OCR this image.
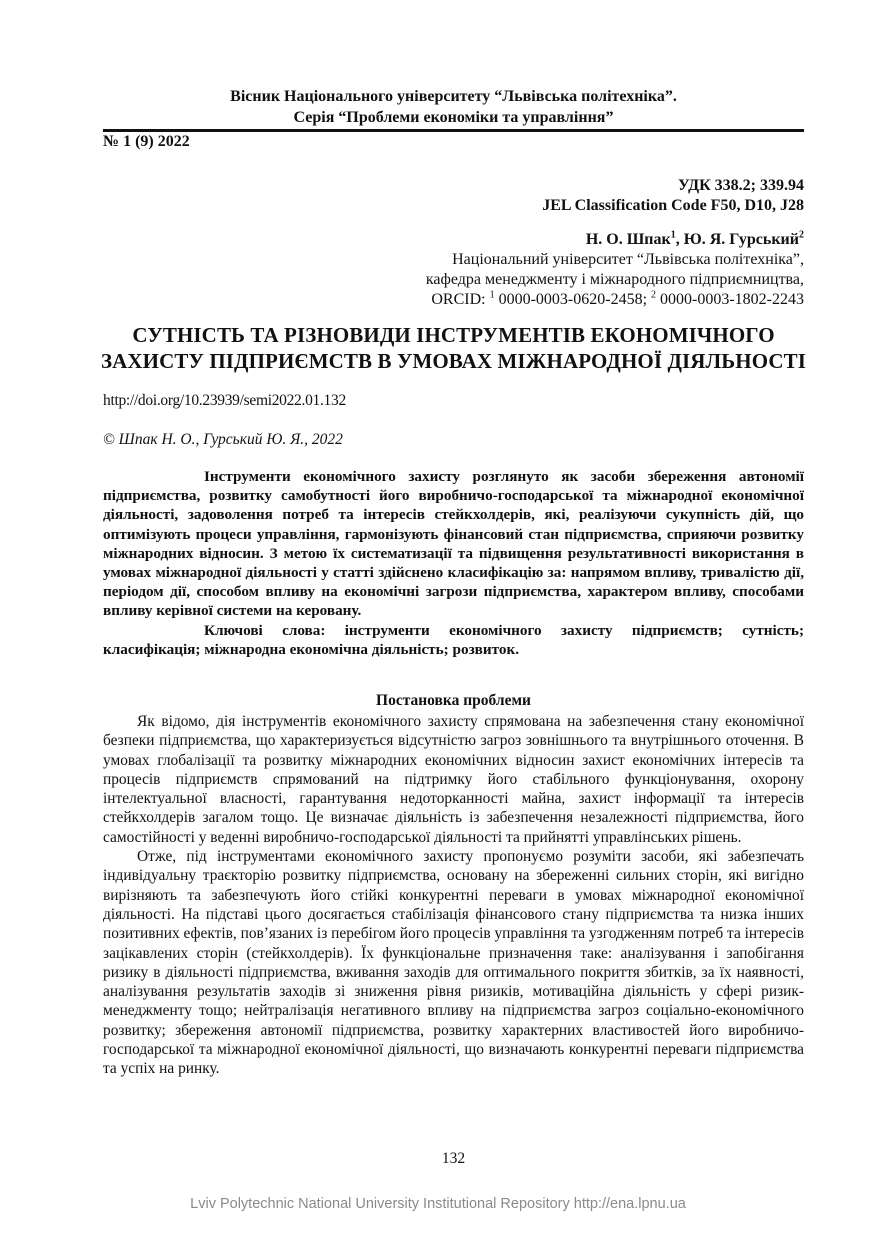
Вісник Національного університету “Львівська політехніка”.
Серія “Проблеми економіки та управління”
№ 1 (9) 2022
УДК 338.2; 339.94
JEL Classification Code F50, D10, J28
Н. О. Шпак$^1$, Ю. Я. Гурський$^2$
Національний університет “Львівська політехніка”,
кафедра менеджменту і міжнародного підприємництва,
ORCID: $^1$ 0000-0003-0620-2458; $^2$ 0000-0003-1802-2243
СУТНІСТЬ ТА РІЗНОВИДИ ІНСТРУМЕНТІВ ЕКОНОМІЧНОГО
ЗАХИСТУ ПІДПРИЄМСТВ В УМОВАХ МІЖНАРОДНОЇ ДІЯЛЬНОСТІ
http://doi.org/10.23939/semi2022.01.132
© Шпак Н. О., Гурський Ю. Я., 2022

Інструменти економічного захисту розглянуто як засоби збереження автономії підприємства, розвитку самобутності його виробничо-господарської та міжнародної економічної діяльності, задоволення потреб та інтересів стейкхолдерів, які, реалізуючи сукупність дій, що оптимізують процеси управління, гармонізують фінансовий стан підприємства, сприяючи розвитку міжнародних відносин. З метою їх систематизації та підвищення результативності використання в умовах міжнародної діяльності у статті здійснено класифікацію за: напрямом впливу, тривалістю дії, періодом дії, способом впливу на економічні загрози підприємства, характером впливу, способами впливу керівної системи на керовану.

Ключові слова: інструменти економічного захисту підприємств; сутність; класифікація; міжнародна економічна діяльність; розвиток.

Постановка проблеми

Як відомо, дія інструментів економічного захисту спрямована на забезпечення стану економічної безпеки підприємства, що характеризується відсутністю загроз зовнішнього та внутрішнього оточення. В умовах глобалізації та розвитку міжнародних економічних відносин захист економічних інтересів та процесів підприємств спрямований на підтримку його стабільного функціонування, охорону інтелектуальної власності, гарантування недоторканності майна, захист інформації та інтересів стейкхолдерів загалом тощо. Це визначає діяльність із забезпечення незалежності підприємства, його самостійності у веденні виробничо-господарської діяльності та прийнятті управлінських рішень.

Отже, під інструментами економічного захисту пропонуємо розуміти засоби, які забезпечать індивідуальну траєкторію розвитку підприємства, основану на збереженні сильних сторін, які вигідно вирізняють та забезпечують його стійкі конкурентні переваги в умовах міжнародної економічної діяльності. На підставі цього досягається стабілізація фінансового стану підприємства та низка інших позитивних ефектів, пов’язаних із перебігом його процесів управління та узгодженням потреб та інтересів зацікавлених сторін (стейкхолдерів). Їх функціональне призначення таке: аналізування і запобігання ризику в діяльності підприємства, вживання заходів для оптимального покриття збитків, за їх наявності, аналізування результатів заходів зі зниження рівня ризиків, мотиваційна діяльність у сфері ризик-менеджменту тощо; нейтралізація негативного впливу на підприємства загроз соціально-економічного розвитку; збереження автономії підприємства, розвитку характерних властивостей його виробничо-господарської та міжнародної економічної діяльності, що визначають конкурентні переваги підприємства та успіх на ринку.

132
Lviv Polytechnic National University Institutional Repository http://ena.lpnu.ua
